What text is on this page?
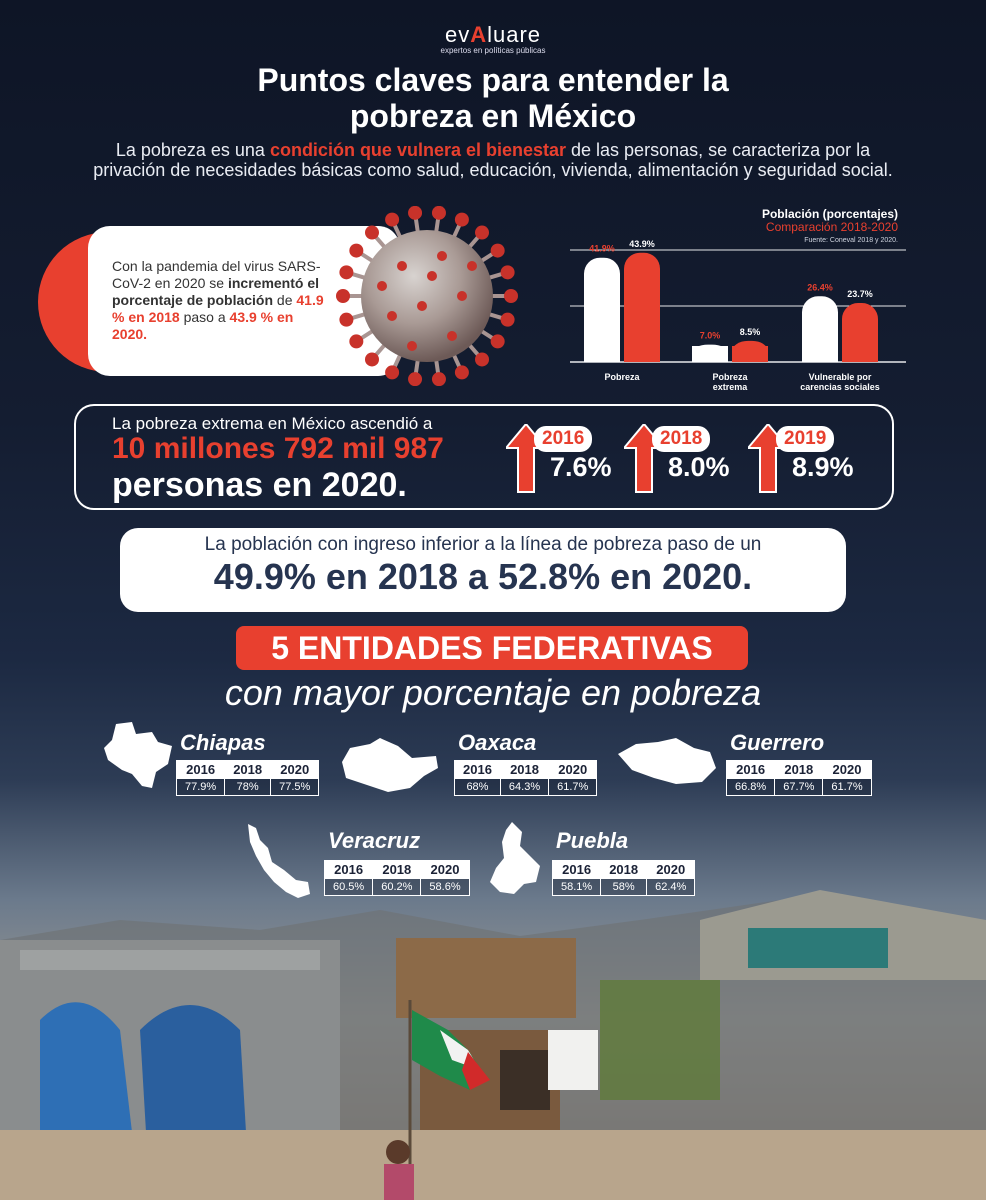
evAluare
expertos en políticas públicas
Puntos claves para entender la
pobreza en México
La pobreza es una condición que vulnera el bienestar de las personas, se caracteriza por la privación de necesidades básicas como salud, educación, vivienda, alimentación y seguridad social.
Con la pandemia del virus SARS-CoV-2 en 2020 se incrementó el porcentaje de población de 41.9 % en 2018 paso a 43.9 % en 2020.
Población (porcentajes)
Comparación 2018-2020
Fuente: Coneval 2018 y 2020.
41.9% 43.9%
Pobreza
7.0% 8.5%
Pobreza
extrema
26.4%
23.7%
Vulnerable por
carencias sociales
La pobreza extrema en México ascendió a
10 millones 792 mil 987
personas en 2020.
2016
7.6%
2018
8.0%
2019
8.9%
La población con ingreso inferior a la línea de pobreza paso de un
49.9% en 2018 a 52.8% en 2020.
5 ENTIDADES FEDERATIVAS
con mayor porcentaje en pobreza
Chiapas	Oaxaca	Guerrero
Veracruz	Puebla
2016	2018	2020
77.9%	78%	77.5%
2016	2018	2020
68%	64.3%	61.7%
2016	2018	2020
66.8%	67.7%	61.7%
2016	2018	2020
60.5%	60.2%	58.6%
2016	2018	2020
58.1%	58%	62.4%
